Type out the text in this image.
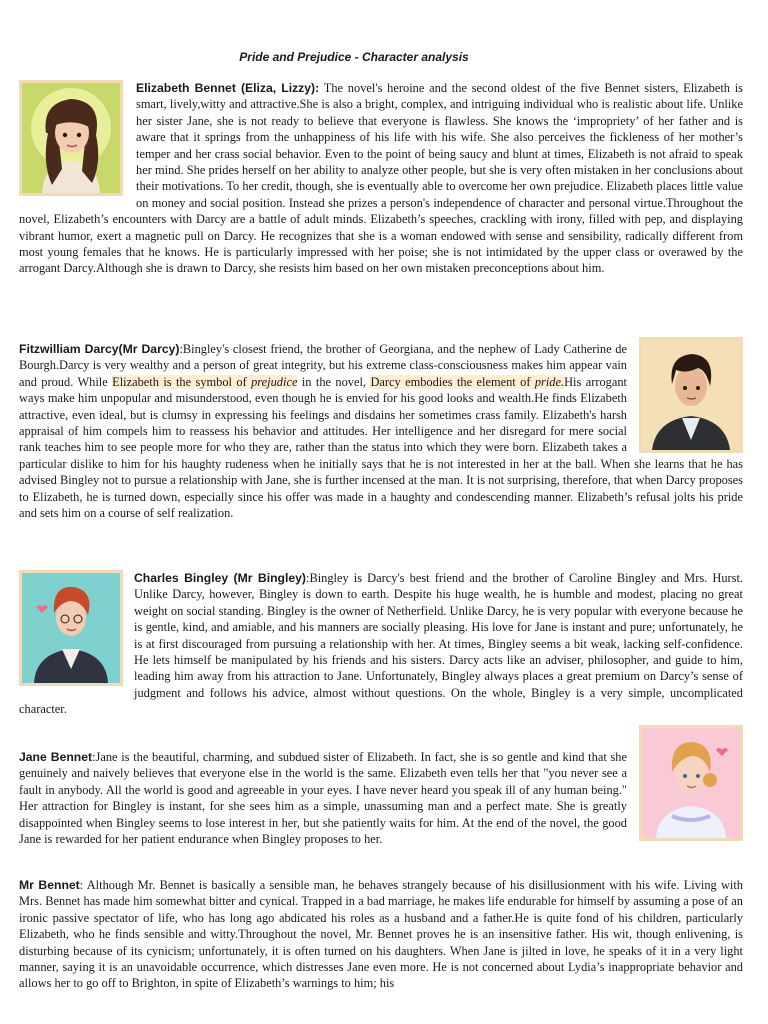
Pride and Prejudice - Character analysis
Elizabeth Bennet (Eliza, Lizzy): The novel's heroine and the second oldest of the five Bennet sisters, Elizabeth is smart, lively,witty and attractive.She is also a bright, complex, and intriguing individual who is realistic about life. Unlike her sister Jane, she is not ready to believe that everyone is flawless. She knows the ‘impropriety’ of her father and is aware that it springs from the unhappiness of his life with his wife. She also perceives the fickleness of her mother’s temper and her crass social behavior. Even to the point of being saucy and blunt at times, Elizabeth is not afraid to speak her mind. She prides herself on her ability to analyze other people, but she is very often mistaken in her conclusions about their motivations. To her credit, though, she is eventually able to overcome her own prejudice. Elizabeth places little value on money and social position. Instead she prizes a person's independence of character and personal virtue.Throughout the novel, Elizabeth’s encounters with Darcy are a battle of adult minds. Elizabeth’s speeches, crackling with irony, filled with pep, and displaying vibrant humor, exert a magnetic pull on Darcy. He recognizes that she is a woman endowed with sense and sensibility, radically different from most young females that he knows. He is particularly impressed with her poise; she is not intimidated by the upper class or overawed by the arrogant Darcy.Although she is drawn to Darcy, she resists him based on her own mistaken preconceptions about him.
Fitzwilliam Darcy(Mr Darcy):Bingley's closest friend, the brother of Georgiana, and the nephew of Lady Catherine de Bourgh.Darcy is very wealthy and a person of great integrity, but his extreme class-consciousness makes him appear vain and proud. While Elizabeth is the symbol of prejudice in the novel, Darcy embodies the element of pride.His arrogant ways make him unpopular and misunderstood, even though he is envied for his good looks and wealth.He finds Elizabeth attractive, even ideal, but is clumsy in expressing his feelings and disdains her sometimes crass family. Elizabeth's harsh appraisal of him compels him to reassess his behavior and attitudes. Her intelligence and her disregard for mere social rank teaches him to see people more for who they are, rather than the status into which they were born. Elizabeth takes a particular dislike to him for his haughty rudeness when he initially says that he is not interested in her at the ball. When she learns that he has advised Bingley not to pursue a relationship with Jane, she is further incensed at the man. It is not surprising, therefore, that when Darcy proposes to Elizabeth, he is turned down, especially since his offer was made in a haughty and condescending manner. Elizabeth’s refusal jolts his pride and sets him on a course of self realization.
Charles Bingley (Mr Bingley):Bingley is Darcy's best friend and the brother of Caroline Bingley and Mrs. Hurst. Unlike Darcy, however, Bingley is down to earth. Despite his huge wealth, he is humble and modest, placing no great weight on social standing. Bingley is the owner of Netherfield. Unlike Darcy, he is very popular with everyone because he is gentle, kind, and amiable, and his manners are socially pleasing. His love for Jane is instant and pure; unfortunately, he is at first discouraged from pursuing a relationship with her. At times, Bingley seems a bit weak, lacking self-confidence. He lets himself be manipulated by his friends and his sisters. Darcy acts like an adviser, philosopher, and guide to him, leading him away from his attraction to Jane. Unfortunately, Bingley always places a great premium on Darcy’s sense of judgment and follows his advice, almost without questions. On the whole, Bingley is a very simple, uncomplicated character.
Jane Bennet:Jane is the beautiful, charming, and subdued sister of Elizabeth. In fact, she is so gentle and kind that she genuinely and naively believes that everyone else in the world is the same. Elizabeth even tells her that "you never see a fault in anybody. All the world is good and agreeable in your eyes. I have never heard you speak ill of any human being." Her attraction for Bingley is instant, for she sees him as a simple, unassuming man and a perfect mate. She is greatly disappointed when Bingley seems to lose interest in her, but she patiently waits for him. At the end of the novel, the good Jane is rewarded for her patient endurance when Bingley proposes to her.
Mr Bennet: Although Mr. Bennet is basically a sensible man, he behaves strangely because of his disillusionment with his wife. Living with Mrs. Bennet has made him somewhat bitter and cynical. Trapped in a bad marriage, he makes life endurable for himself by assuming a pose of an ironic passive spectator of life, who has long ago abdicated his roles as a husband and a father.He is quite fond of his children, particularly Elizabeth, who he finds sensible and witty.Throughout the novel, Mr. Bennet proves he is an insensitive father. His wit, though enlivening, is disturbing because of its cynicism; unfortunately, it is often turned on his daughters. When Jane is jilted in love, he speaks of it in a very light manner, saying it is an unavoidable occurrence, which distresses Jane even more. He is not concerned about Lydia’s inappropriate behavior and allows her to go off to Brighton, in spite of Elizabeth’s warnings to him; his
